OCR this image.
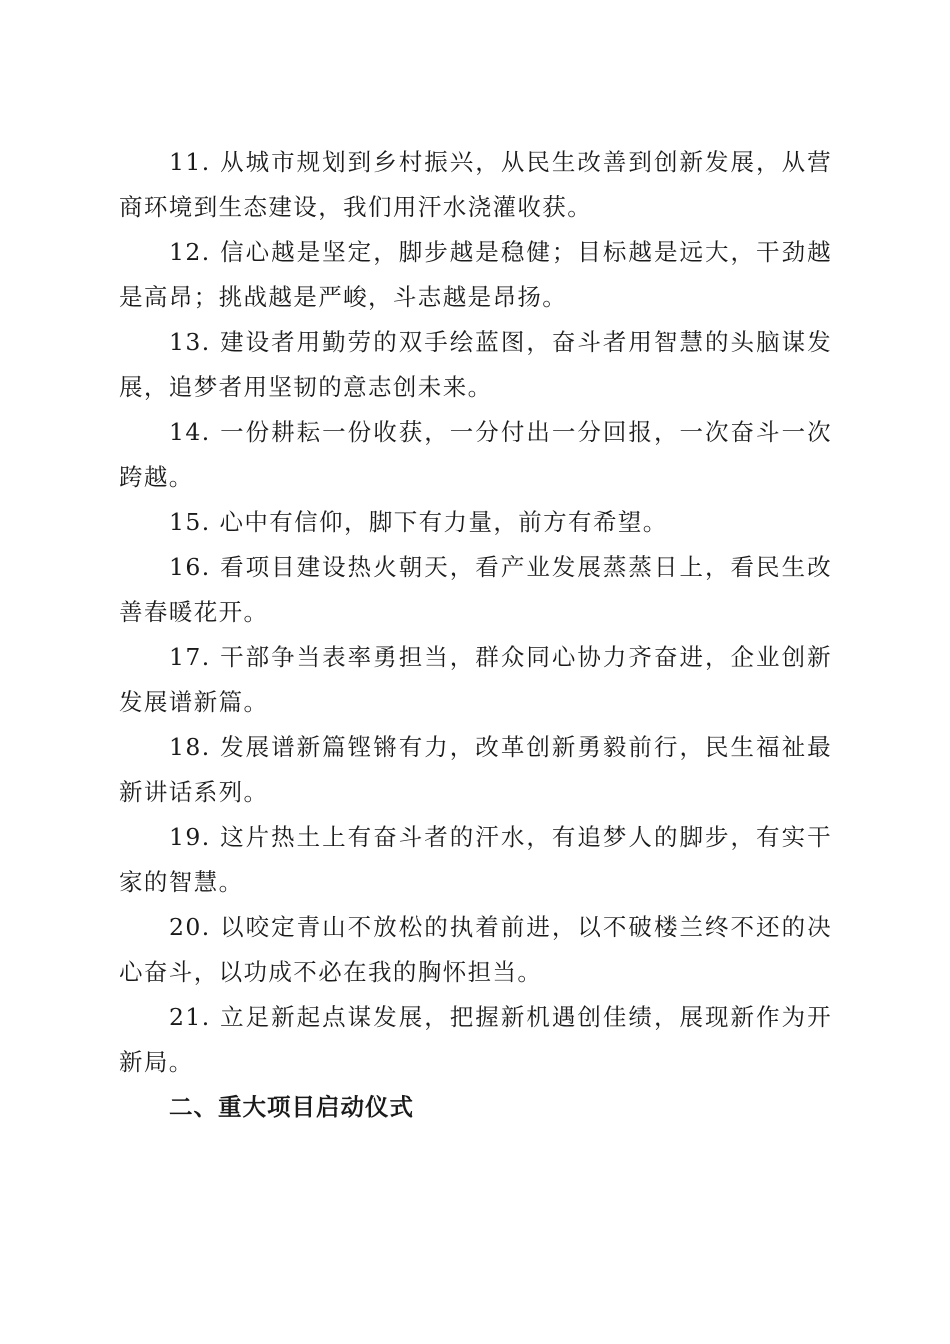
11. 从城市规划到乡村振兴，从民生改善到创新发展，从营商环境到生态建设，我们用汗水浇灌收获。

12. 信心越是坚定，脚步越是稳健；目标越是远大，干劲越是高昂；挑战越是严峻，斗志越是昂扬。

13. 建设者用勤劳的双手绘蓝图，奋斗者用智慧的头脑谋发展，追梦者用坚韧的意志创未来。

14. 一份耕耘一份收获，一分付出一分回报，一次奋斗一次跨越。

15. 心中有信仰，脚下有力量，前方有希望。

16. 看项目建设热火朝天，看产业发展蒸蒸日上，看民生改善春暖花开。

17. 干部争当表率勇担当，群众同心协力齐奋进，企业创新发展谱新篇。

18. 发展谱新篇铿锵有力，改革创新勇毅前行，民生福祉最新讲话系列。

19. 这片热土上有奋斗者的汗水，有追梦人的脚步，有实干家的智慧。

20. 以咬定青山不放松的执着前进，以不破楼兰终不还的决心奋斗，以功成不必在我的胸怀担当。

21. 立足新起点谋发展，把握新机遇创佳绩，展现新作为开新局。

二、重大项目启动仪式
